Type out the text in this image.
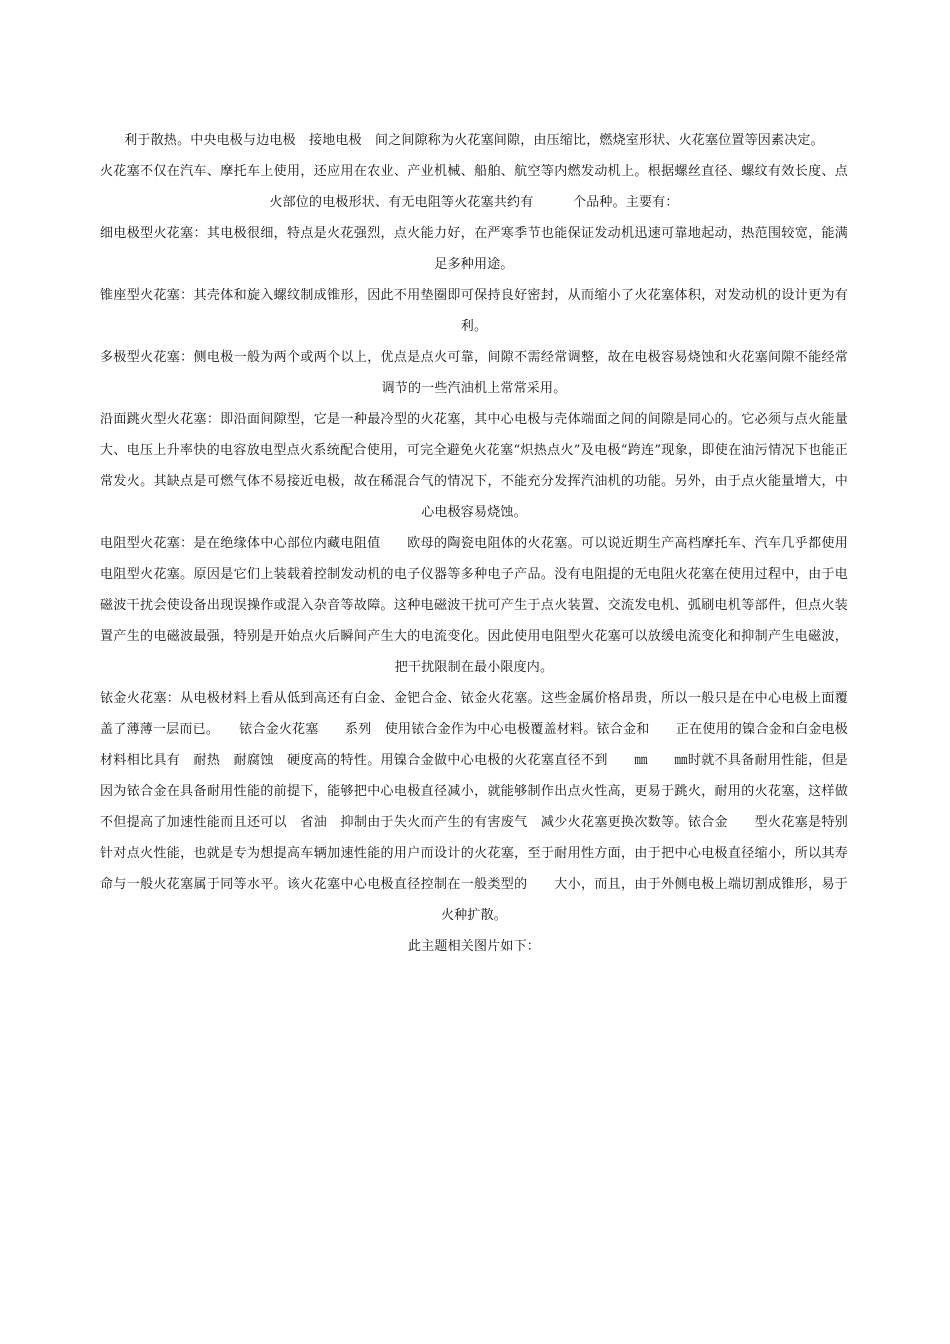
利于散热。中央电极与边电极　接地电极　间之间隙称为火花塞间隙，由压缩比，燃烧室形状、火花塞位置等因素决定。

火花塞不仅在汽车、摩托车上使用，还应用在农业、产业机械、船舶、航空等内燃发动机上。根据螺丝直径、螺纹有效长度、点火部位的电极形状、有无电阻等火花塞共约有　　　个品种。主要有：

细电极型火花塞：其电极很细，特点是火花强烈，点火能力好，在严寒季节也能保证发动机迅速可靠地起动，热范围较宽，能满足多种用途。

锥座型火花塞：其壳体和旋入螺纹制成锥形，因此不用垫圈即可保持良好密封，从而缩小了火花塞体积，对发动机的设计更为有利。

多极型火花塞：侧电极一般为两个或两个以上，优点是点火可靠，间隙不需经常调整，故在电极容易烧蚀和火花塞间隙不能经常调节的一些汽油机上常常采用。

沿面跳火型火花塞：即沿面间隙型，它是一种最冷型的火花塞，其中心电极与壳体端面之间的间隙是同心的。它必须与点火能量大、电压上升率快的电容放电型点火系统配合使用，可完全避免火花塞“炽热点火”及电极“跨连”现象，即使在油污情况下也能正常发火。其缺点是可燃气体不易接近电极，故在稀混合气的情况下，不能充分发挥汽油机的功能。另外，由于点火能量增大，中心电极容易烧蚀。

电阻型火花塞：是在绝缘体中心部位内藏电阻值　　欧母的陶瓷电阻体的火花塞。可以说近期生产高档摩托车、汽车几乎都使用电阻型火花塞。原因是它们上装载着控制发动机的电子仪器等多种电子产品。没有电阻提的无电阻火花塞在使用过程中，由于电磁波干扰会使设备出现误操作或混入杂音等故障。这种电磁波干扰可产生于点火装置、交流发电机、弧刷电机等部件，但点火装置产生的电磁波最强，特别是开始点火后瞬间产生大的电流变化。因此使用电阻型火花塞可以放缓电流变化和抑制产生电磁波，把干扰限制在最小限度内。

铱金火花塞：从电极材料上看从低到高还有白金、金钯合金、铱金火花塞。这些金属价格昂贵，所以一般只是在中心电极上面覆盖了薄薄一层而已。　　铱合金火花塞　　系列　使用铱合金作为中心电极覆盖材料。铱合金和　　正在使用的镍合金和白金电极材料相比具有　耐热　耐腐蚀　硬度高的特性。用镍合金做中心电极的火花塞直径不到　　㎜　　㎜时就不具备耐用性能，但是因为铱合金在具备耐用性能的前提下，能够把中心电极直径减小，就能够制作出点火性高，更易于跳火，耐用的火花塞，这样做不但提高了加速性能而且还可以　省油　抑制由于失火而产生的有害废气　减少火花塞更换次数等。铱合金　　型火花塞是特别针对点火性能，也就是专为想提高车辆加速性能的用户而设计的火花塞，至于耐用性方面，由于把中心电极直径缩小，所以其寿命与一般火花塞属于同等水平。该火花塞中心电极直径控制在一般类型的　　大小，而且，由于外侧电极上端切割成锥形，易于火种扩散。

此主题相关图片如下：
